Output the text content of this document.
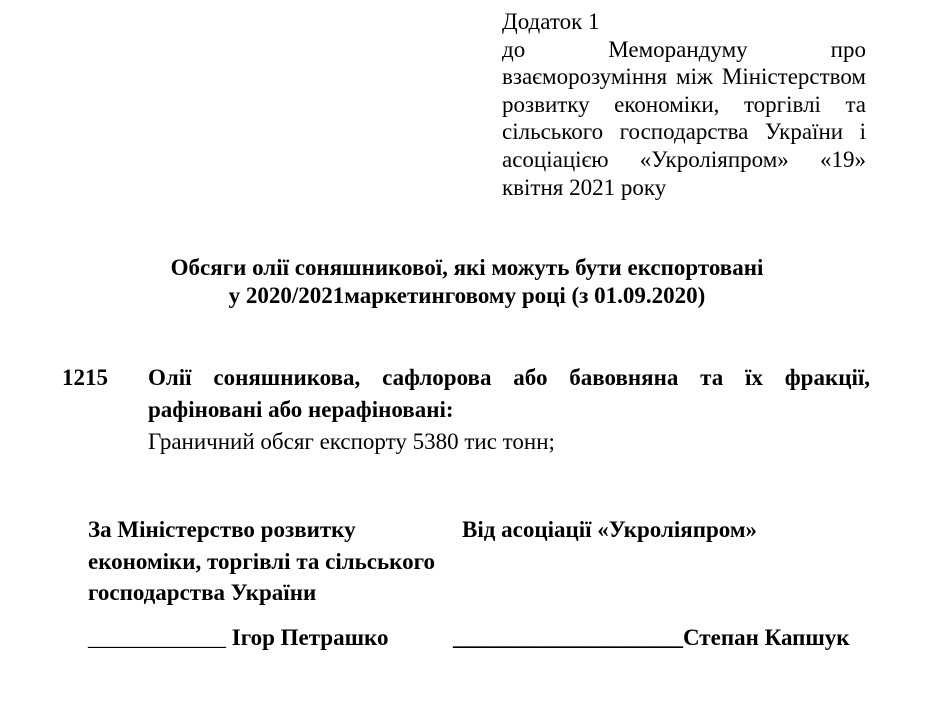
Додаток 1
до Меморандуму про
взаєморозуміння між Міністерством
розвитку економіки, торгівлі та
сільського господарства України і
асоціацією «Укроліяпром» «19»
квітня 2021 року
Обсяги олії соняшникової, які можуть бути експортовані
у 2020/2021маркетинговому році (з 01.09.2020)
1215	Олії соняшникова, сафлорова або бавовняна та їх фракції,
рафіновані або нерафіновані:
Граничний обсяг експорту 5380 тис тонн;
За Міністерство розвитку
економіки, торгівлі та сільського
господарства України
Від асоціації «Укроліяпром»
____________ Ігор Петрашко	____________________Степан Капшук
